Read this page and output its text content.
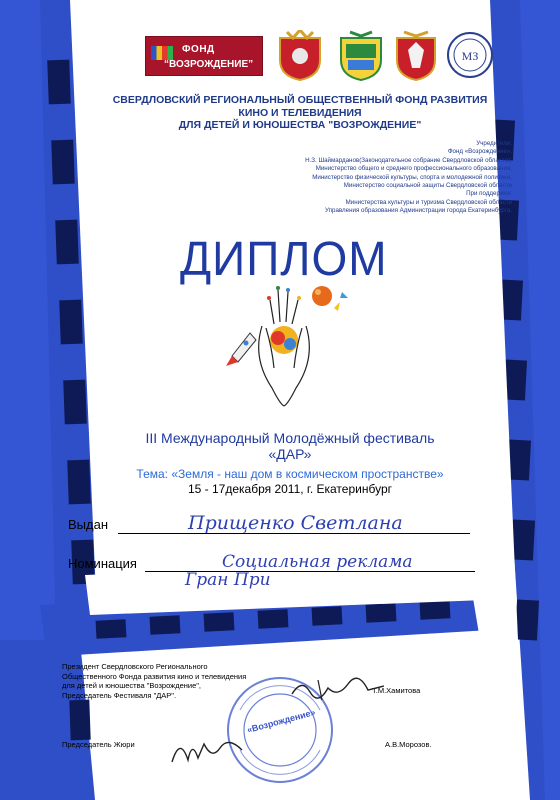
ФОНД
“ВОЗРОЖДЕНИЕ”
МЗ
СВЕРДЛОВСКИЙ РЕГИОНАЛЬНЫЙ ОБЩЕСТВЕННЫЙ ФОНД РАЗВИТИЯ
КИНО И ТЕЛЕВИДЕНИЯ
ДЛЯ ДЕТЕЙ И ЮНОШЕСТВА "ВОЗРОЖДЕНИЕ"
Учредители:
Фонд «Возрождение»,
Н.З. Шаймарданов(Законодательное собрание Свердловской области),
Министерство общего и среднего профессионального образования,
Министерство физической культуры, спорта и молодежной политики,
Министерство социальной защиты Свердловской области
При поддержке:
Министерства культуры и туризма Свердловской области
Управления образования Администрации города Екатеринбурга.
ДИПЛОМ
III Международный Молодёжный фестиваль
«ДАР»
Тема: «Земля - наш дом в космическом пространстве»
15 - 17декабря 2011, г. Екатеринбург
Выдан	Прищенко Светлана
Номинация	Социальная реклама
Гран При
Президент Свердловского Регионального
Общественного Фонда развития кино и телевидения
для детей и юношества "Возрождение",
Председатель Фестиваля "ДАР".	Т.М.Хамитова
«Возрождение»
Председатель Жюри	А.В.Морозов.
